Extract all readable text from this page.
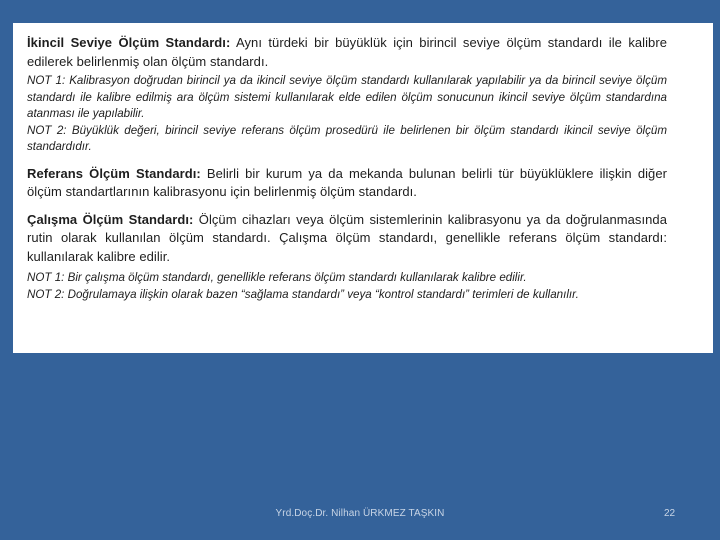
İkincil Seviye Ölçüm Standardı: Aynı türdeki bir büyüklük için birincil seviye ölçüm standardı ile kalibre edilerek belirlenmiş olan ölçüm standardı.

NOT 1: Kalibrasyon doğrudan birincil ya da ikincil seviye ölçüm standardı kullanılarak yapılabilir ya da birincil seviye ölçüm standardı ile kalibre edilmiş ara ölçüm sistemi kullanılarak elde edilen ölçüm sonucunun ikincil seviye ölçüm standardına atanması ile yapılabilir.

NOT 2: Büyüklük değeri, birincil seviye referans ölçüm prosedürü ile belirlenen bir ölçüm standardı ikincil seviye ölçüm standardıdır.

Referans Ölçüm Standardı: Belirli bir kurum ya da mekanda bulunan belirli tür büyüklüklere ilişkin diğer ölçüm standartlarının kalibrasyonu için belirlenmiş ölçüm standardı.

Çalışma Ölçüm Standardı: Ölçüm cihazları veya ölçüm sistemlerinin kalibrasyonu ya da doğrulanmasında rutin olarak kullanılan ölçüm standardı. Çalışma ölçüm standardı, genellikle referans ölçüm standardı: kullanılarak kalibre edilir.

NOT 1: Bir çalışma ölçüm standardı, genellikle referans ölçüm standardı kullanılarak kalibre edilir.

NOT 2: Doğrulamaya ilişkin olarak bazen “sağlama standardı” veya “kontrol standardı” terimleri de kullanılır.

Yrd.Doç.Dr. Nilhan ÜRKMEZ TAŞKIN	22
